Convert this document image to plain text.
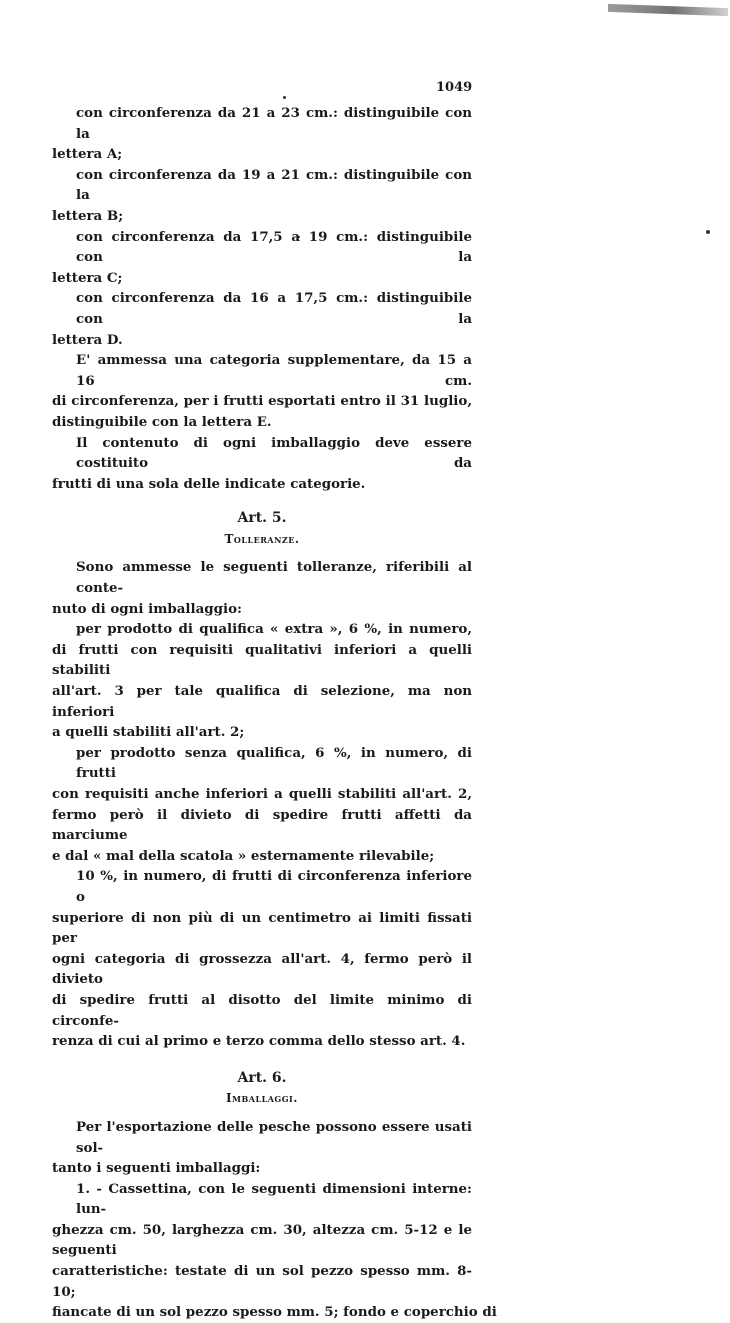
1049
con circonferenza da 21 a 23 cm.: distinguibile con la
lettera A;
con circonferenza da 19 a 21 cm.: distinguibile con la
lettera B;
con circonferenza da 17,5 a 19 cm.: distinguibile con la
lettera C;
con circonferenza da 16 a 17,5 cm.: distinguibile con la
lettera D.
E' ammessa una categoria supplementare, da 15 a 16 cm.
di circonferenza, per i frutti esportati entro il 31 luglio,
distinguibile con la lettera E.
Il contenuto di ogni imballaggio deve essere costituito da
frutti di una sola delle indicate categorie.
Art. 5.
Tolleranze.
Sono ammesse le seguenti tolleranze, riferibili al conte-
nuto di ogni imballaggio:
per prodotto di qualifica « extra », 6 %, in numero,
di frutti con requisiti qualitativi inferiori a quelli stabiliti
all'art. 3 per tale qualifica di selezione, ma non inferiori
a quelli stabiliti all'art. 2;
per prodotto senza qualifica, 6 %, in numero, di frutti
con requisiti anche inferiori a quelli stabiliti all'art. 2,
fermo però il divieto di spedire frutti affetti da marciume
e dal « mal della scatola » esternamente rilevabile;
10 %, in numero, di frutti di circonferenza inferiore o
superiore di non più di un centimetro ai limiti fissati per
ogni categoria di grossezza all'art. 4, fermo però il divieto
di spedire frutti al disotto del limite minimo di circonfe-
renza di cui al primo e terzo comma dello stesso art. 4.
Art. 6.
Imballaggi.
Per l'esportazione delle pesche possono essere usati sol-
tanto i seguenti imballaggi:
1. - Cassettina, con le seguenti dimensioni interne: lun-
ghezza cm. 50, larghezza cm. 30, altezza cm. 5-12 e le seguenti
caratteristiche: testate di un sol pezzo spesso mm. 8-10;
fiancate di un sol pezzo spesso mm. 5; fondo e coperchio di
